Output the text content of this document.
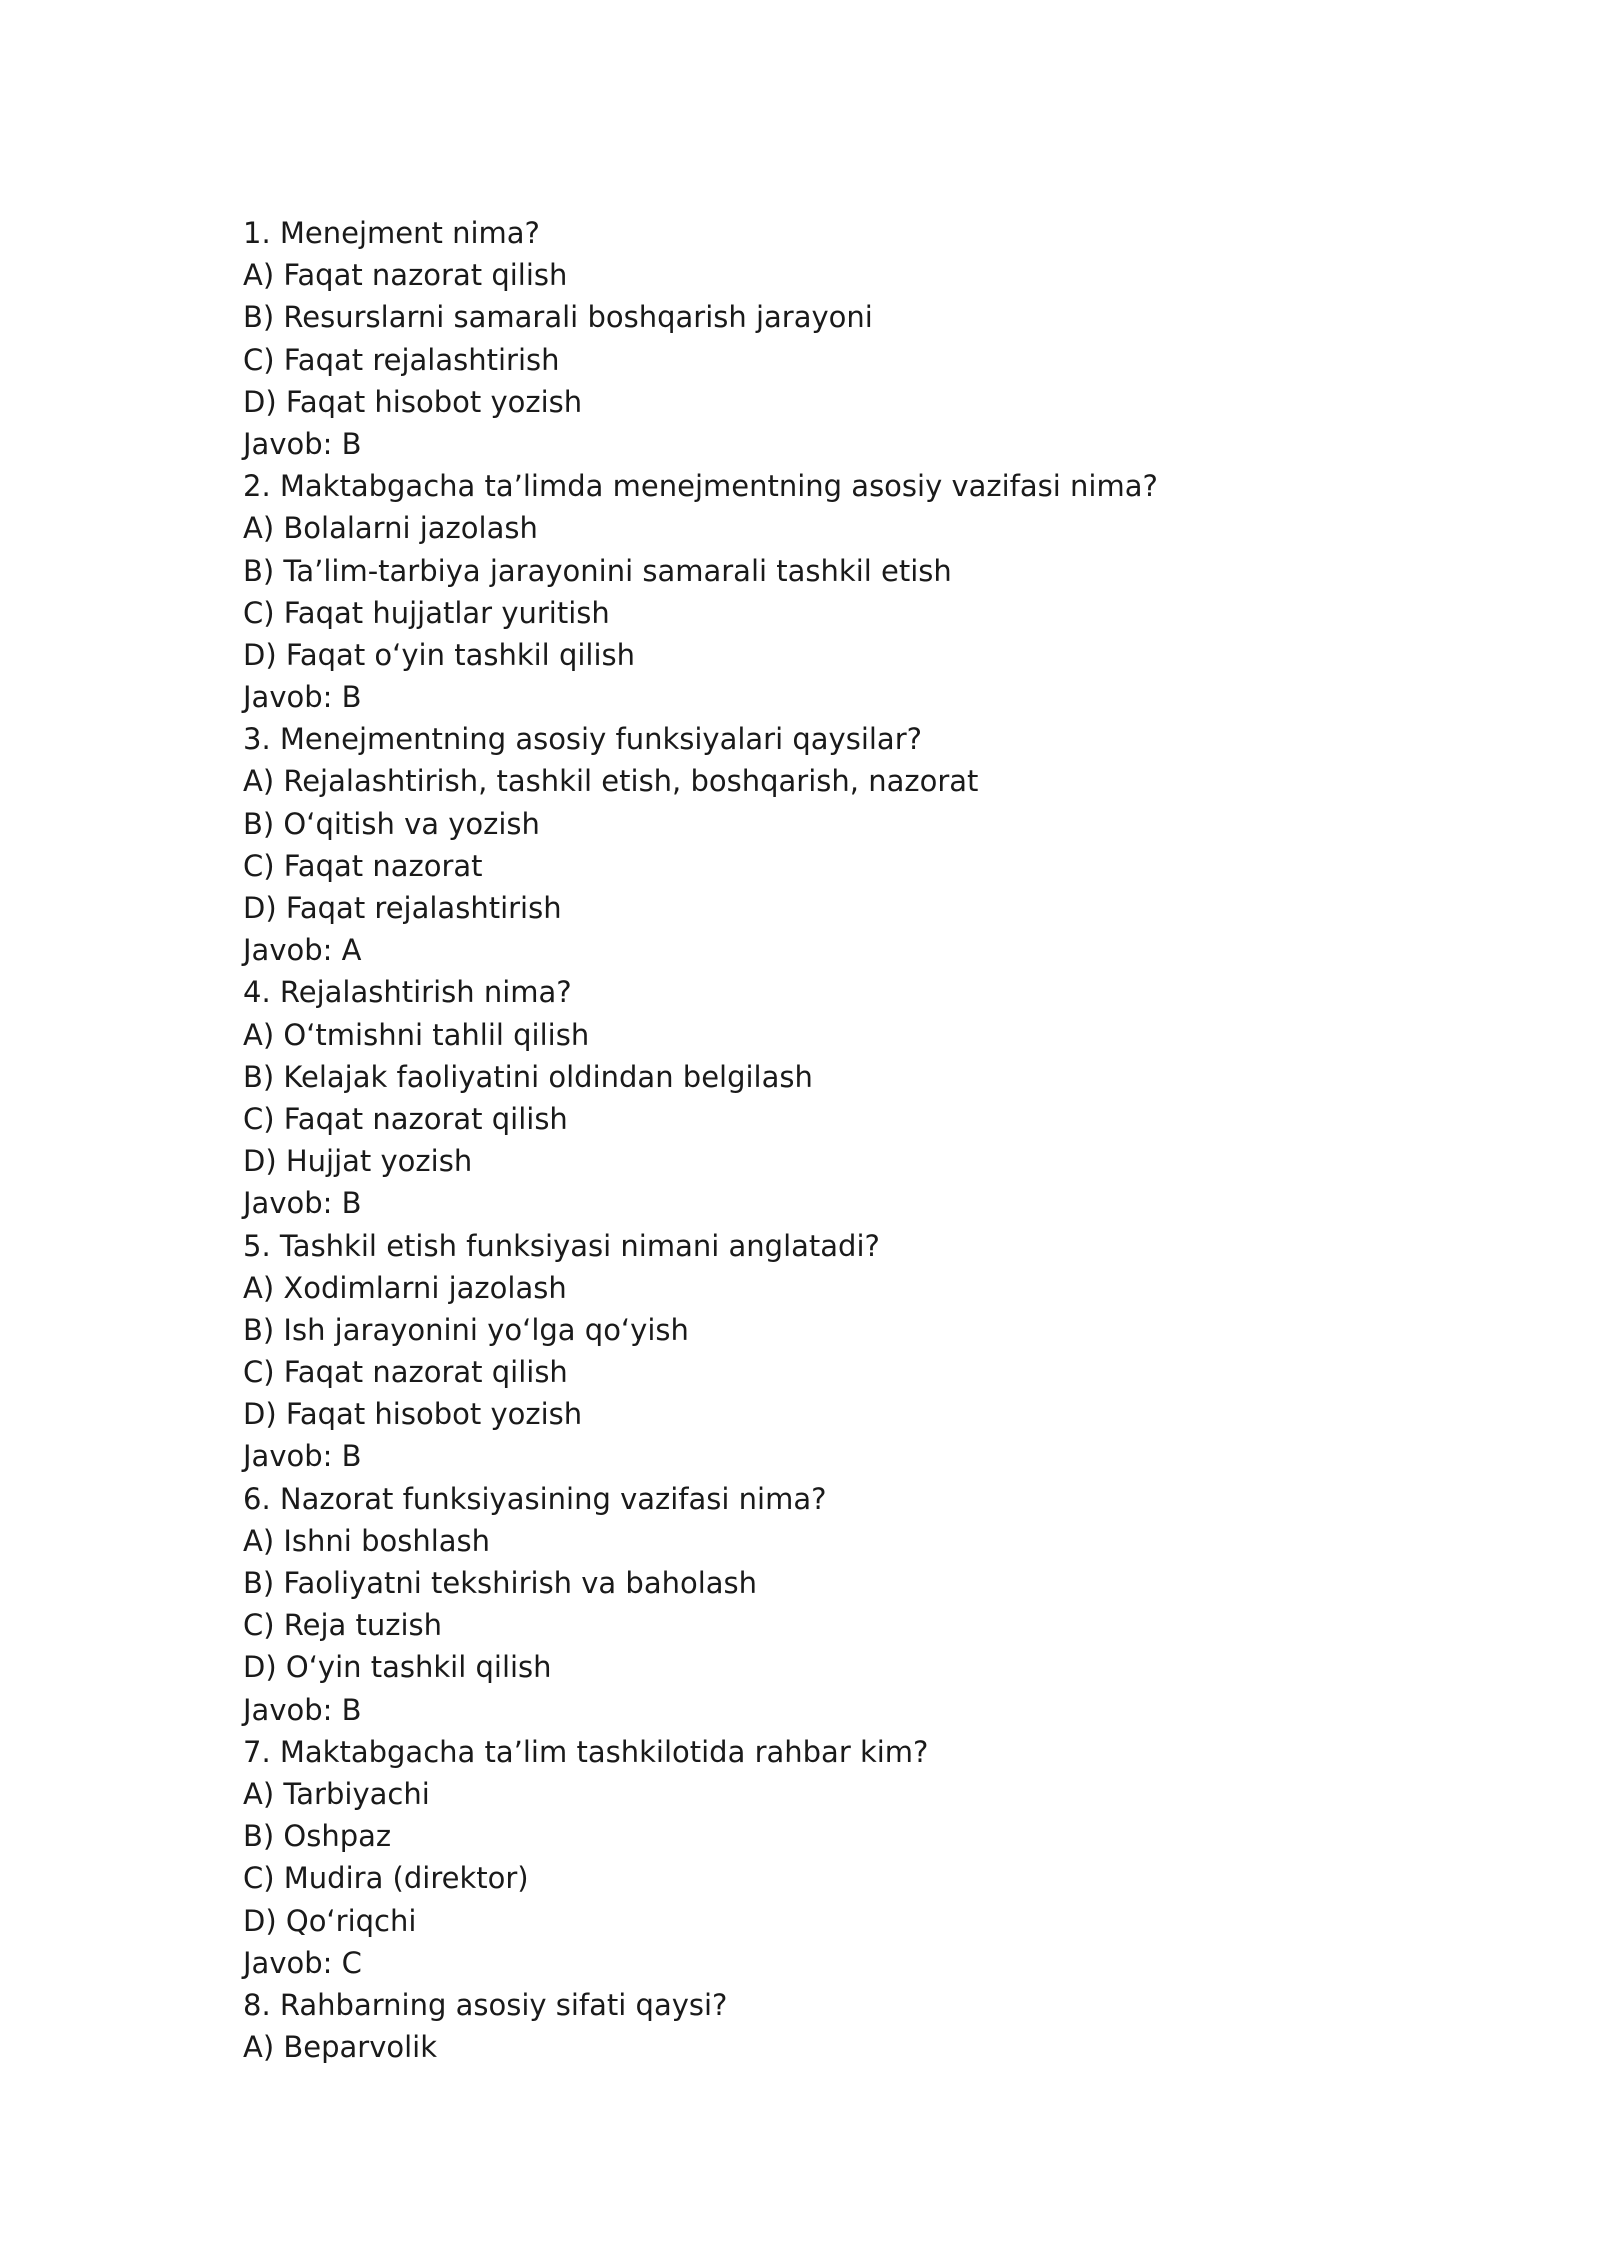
1. Menejment nima?
A) Faqat nazorat qilish
B) Resurslarni samarali boshqarish jarayoni
C) Faqat rejalashtirish
D) Faqat hisobot yozish
Javob: B
2. Maktabgacha ta’limda menejmentning asosiy vazifasi nima?
A) Bolalarni jazolash
B) Ta’lim-tarbiya jarayonini samarali tashkil etish
C) Faqat hujjatlar yuritish
D) Faqat o‘yin tashkil qilish
Javob: B
3. Menejmentning asosiy funksiyalari qaysilar?
A) Rejalashtirish, tashkil etish, boshqarish, nazorat
B) O‘qitish va yozish
C) Faqat nazorat
D) Faqat rejalashtirish
Javob: A
4. Rejalashtirish nima?
A) O‘tmishni tahlil qilish
B) Kelajak faoliyatini oldindan belgilash
C) Faqat nazorat qilish
D) Hujjat yozish
Javob: B
5. Tashkil etish funksiyasi nimani anglatadi?
A) Xodimlarni jazolash
B) Ish jarayonini yo‘lga qo‘yish
C) Faqat nazorat qilish
D) Faqat hisobot yozish
Javob: B
6. Nazorat funksiyasining vazifasi nima?
A) Ishni boshlash
B) Faoliyatni tekshirish va baholash
C) Reja tuzish
D) O‘yin tashkil qilish
Javob: B
7. Maktabgacha ta’lim tashkilotida rahbar kim?
A) Tarbiyachi
B) Oshpaz
C) Mudira (direktor)
D) Qo‘riqchi
Javob: C
8. Rahbarning asosiy sifati qaysi?
A) Beparvolik
